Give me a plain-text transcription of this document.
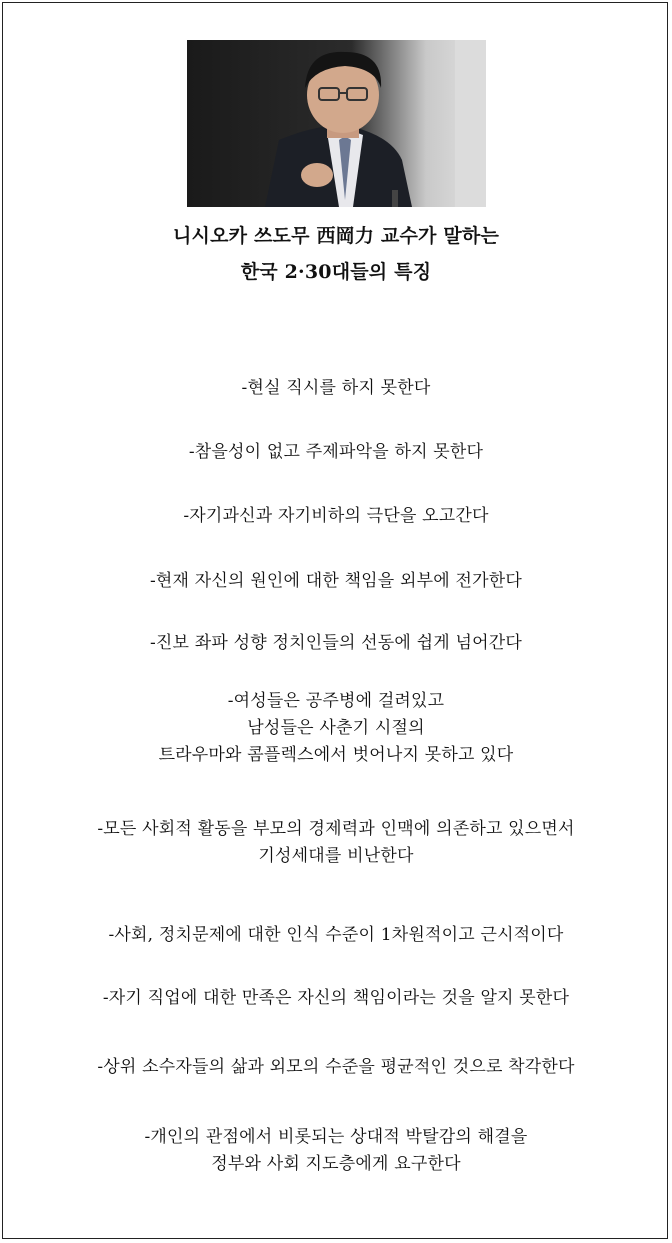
니시오카 쓰도무 西岡力 교수가 말하는
한국 2·30대들의 특징
-현실 직시를 하지 못한다
-참을성이 없고 주제파악을 하지 못한다
-자기과신과 자기비하의 극단을 오고간다
-현재 자신의 원인에 대한 책임을 외부에 전가한다
-진보 좌파 성향 정치인들의 선동에 쉽게 넘어간다
-여성들은 공주병에 걸려있고
남성들은 사춘기 시절의
트라우마와 콤플렉스에서 벗어나지 못하고 있다
-모든 사회적 활동을 부모의 경제력과 인맥에 의존하고 있으면서
기성세대를 비난한다
-사회, 정치문제에 대한 인식 수준이 1차원적이고 근시적이다
-자기 직업에 대한 만족은 자신의 책임이라는 것을 알지 못한다
-상위 소수자들의 삶과 외모의 수준을 평균적인 것으로 착각한다
-개인의 관점에서 비롯되는 상대적 박탈감의 해결을
정부와 사회 지도층에게 요구한다
